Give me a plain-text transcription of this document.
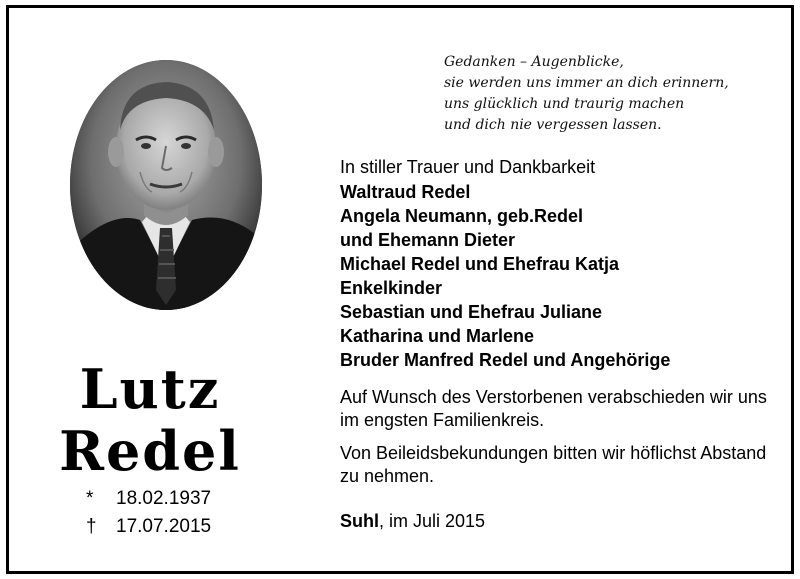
Lutz
Redel
* 18.02.1937
† 17.07.2015
Gedanken – Augenblicke,
sie werden uns immer an dich erinnern,
uns glücklich und traurig machen
und dich nie vergessen lassen.
In stiller Trauer und Dankbarkeit
Waltraud Redel
Angela Neumann, geb.Redel
und Ehemann Dieter
Michael Redel und Ehefrau Katja
Enkelkinder
Sebastian und Ehefrau Juliane
Katharina und Marlene
Bruder Manfred Redel und Angehörige
Auf Wunsch des Verstorbenen verabschieden wir uns im engsten Familienkreis.
Von Beileidsbekundungen bitten wir höflichst Abstand zu nehmen.
Suhl, im Juli 2015
